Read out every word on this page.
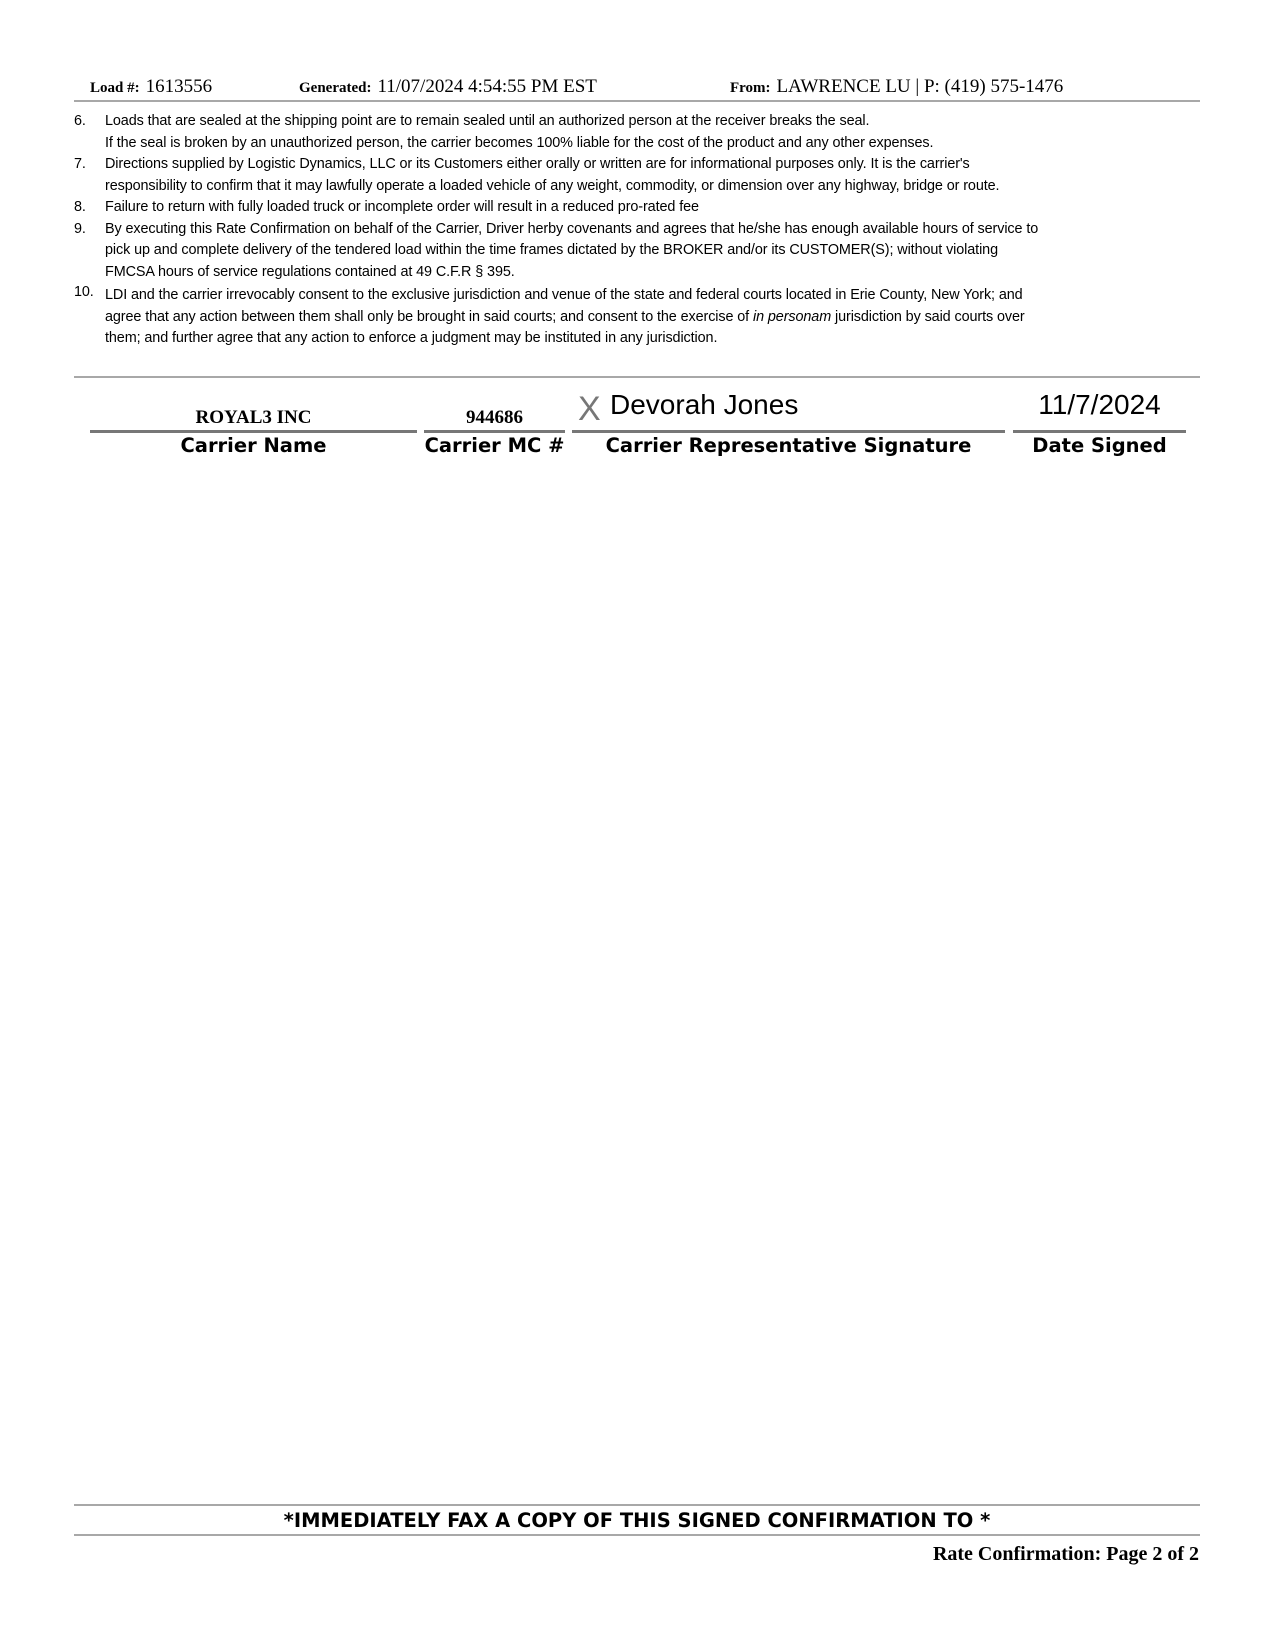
Load #: 1613556	Generated: 11/07/2024 4:54:55 PM EST	From: LAWRENCE LU | P: (419) 575-1476
6. Loads that are sealed at the shipping point are to remain sealed until an authorized person at the receiver breaks the seal.
If the seal is broken by an unauthorized person, the carrier becomes 100% liable for the cost of the product and any other expenses.
7. Directions supplied by Logistic Dynamics, LLC or its Customers either orally or written are for informational purposes only. It is the carrier's
responsibility to confirm that it may lawfully operate a loaded vehicle of any weight, commodity, or dimension over any highway, bridge or route.
8. Failure to return with fully loaded truck or incomplete order will result in a reduced pro-rated fee
9. By executing this Rate Confirmation on behalf of the Carrier, Driver herby covenants and agrees that he/she has enough available hours of service to
pick up and complete delivery of the tendered load within the time frames dictated by the BROKER and/or its CUSTOMER(S); without violating
FMCSA hours of service regulations contained at 49 C.F.R § 395.
10. LDI and the carrier irrevocably consent to the exclusive jurisdiction and venue of the state and federal courts located in Erie County, New York; and
agree that any action between them shall only be brought in said courts; and consent to the exercise of in personam jurisdiction by said courts over
them; and further agree that any action to enforce a judgment may be instituted in any jurisdiction.
ROYAL3 INC
Carrier Name
944686
Carrier MC #
X Devorah Jones
Carrier Representative Signature
11/7/2024
Date Signed
*IMMEDIATELY FAX A COPY OF THIS SIGNED CONFIRMATION TO *
Rate Confirmation: Page 2 of 2
